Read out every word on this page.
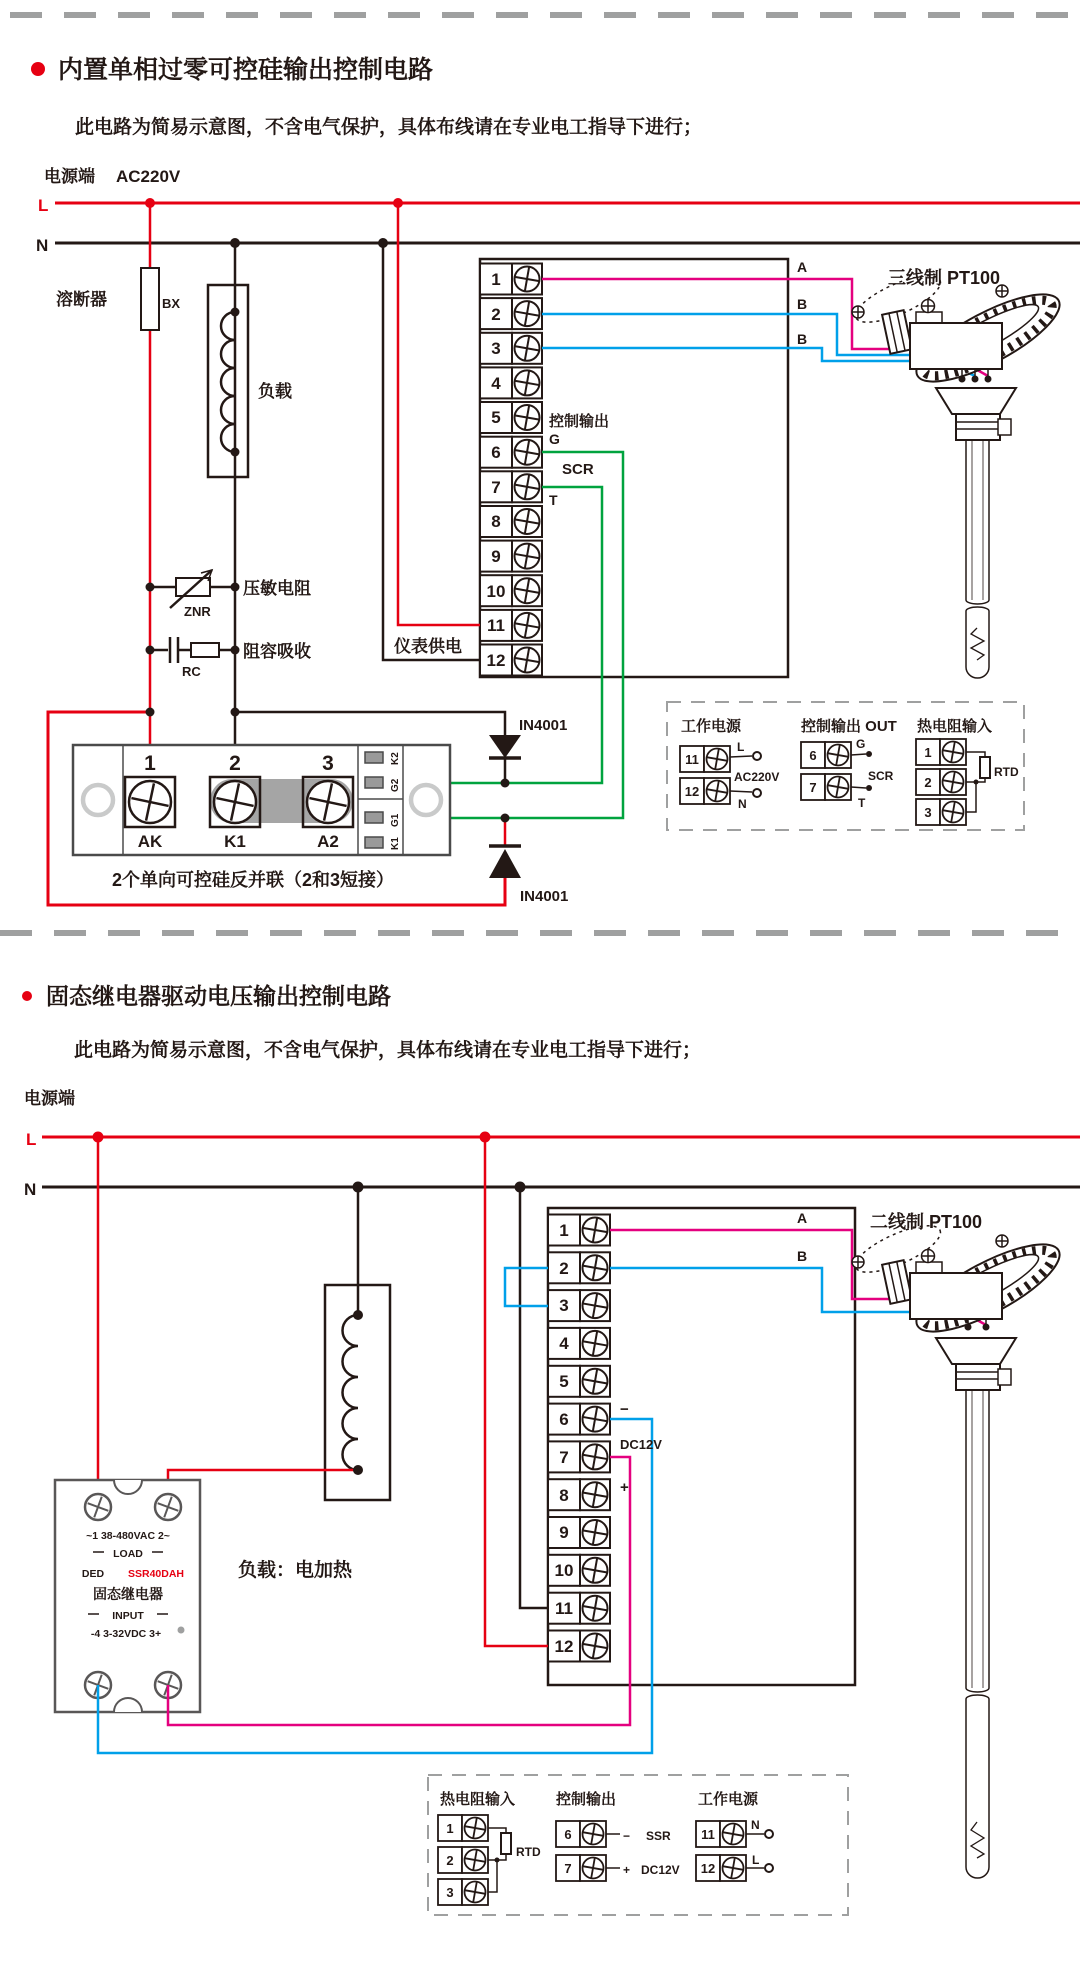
内置单相过零可控硅输出控制电路
此电路为简易示意图，不含电气保护，具体布线请在专业电工指导下进行；
电源端 AC220V
L
N
1
2
3
4
5
6
7
8
9
10
11
12
溶断器	BX
负载
压敏电阻
ZNR
阻容吸收
RC
仪表供电
控制输出
G
SCR
T
IN4001
IN4001
1	2	3
AK	K1	A2
K2
G2
G1
K1
2个单向可控硅反并联（2和3短接）
A
B
B
三线制 PT100
工作电源
11
12
L
AC220V
N
控制输出 OUT
6
7
G
SCR
T
热电阻输入
1
2
3
RTD
固态继电器驱动电压输出控制电路
此电路为简易示意图，不含电气保护，具体布线请在专业电工指导下进行；
电源端
L
N
1
2
3
4
5
6
7
8
9
10
11
12
负载：电加热
~1 38-480VAC 2~
LOAD
DED SSR40DAH
固态继电器
INPUT
-4 3-32VDC 3+
−
DC12V
+
A
B
二线制 PT100
热电阻输入
1
2
3
RTD
控制输出
6
7
− SSR
+ DC12V
工作电源
11
12
N
L
